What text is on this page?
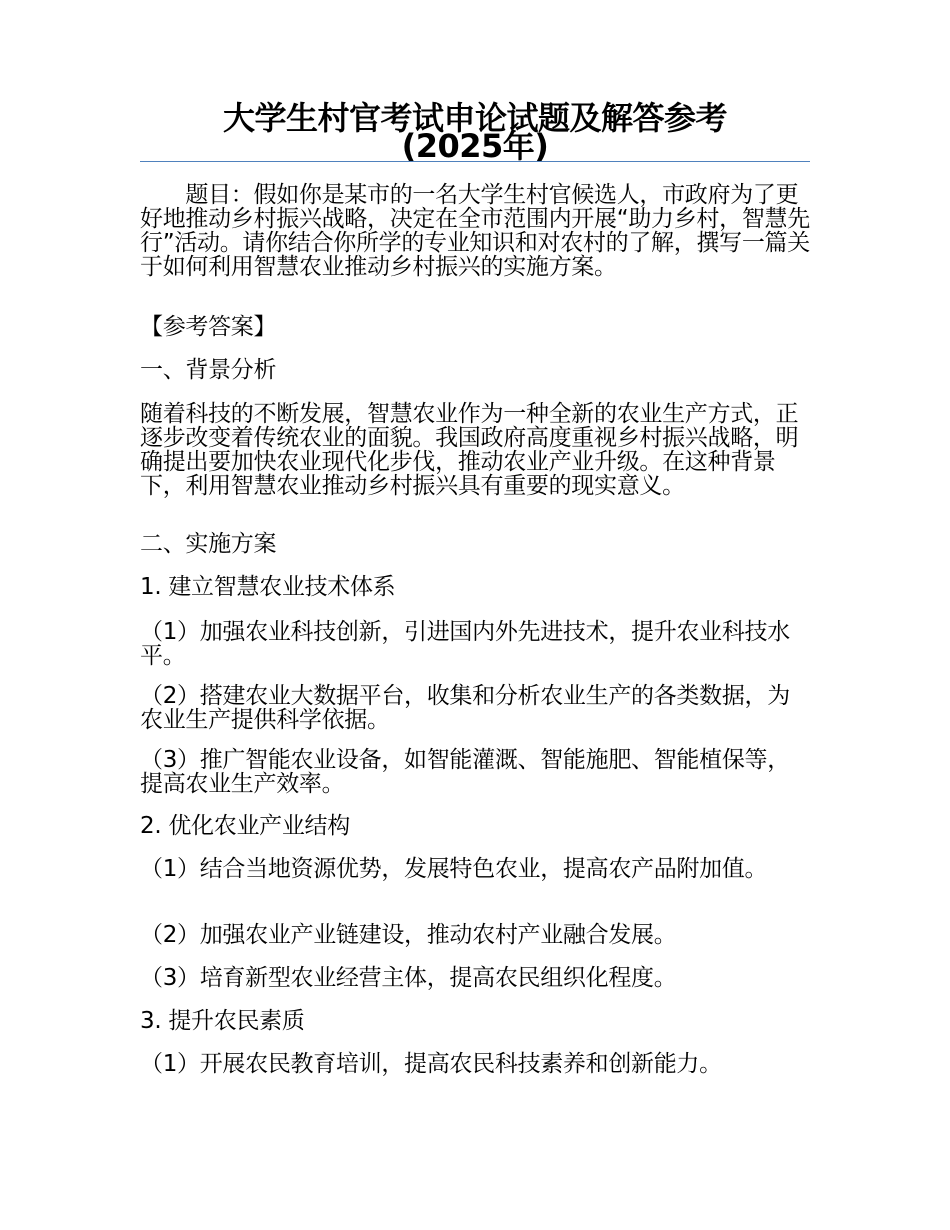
大学生村官考试申论试题及解答参考
(2025年)
　　题目：假如你是某市的一名大学生村官候选人，市政府为了更好地推动乡村振兴战略，决定在全市范围内开展“助力乡村，智慧先行”活动。请你结合你所学的专业知识和对农村的了解，撰写一篇关于如何利用智慧农业推动乡村振兴的实施方案。
【参考答案】
一、背景分析
随着科技的不断发展，智慧农业作为一种全新的农业生产方式，正逐步改变着传统农业的面貌。我国政府高度重视乡村振兴战略，明确提出要加快农业现代化步伐，推动农业产业升级。在这种背景下，利用智慧农业推动乡村振兴具有重要的现实意义。
二、实施方案
1. 建立智慧农业技术体系
（1）加强农业科技创新，引进国内外先进技术，提升农业科技水平。
（2）搭建农业大数据平台，收集和分析农业生产的各类数据，为农业生产提供科学依据。
（3）推广智能农业设备，如智能灌溉、智能施肥、智能植保等，提高农业生产效率。
2. 优化农业产业结构
（1）结合当地资源优势，发展特色农业，提高农产品附加值。
（2）加强农业产业链建设，推动农村产业融合发展。
（3）培育新型农业经营主体，提高农民组织化程度。
3. 提升农民素质
（1）开展农民教育培训，提高农民科技素养和创新能力。
